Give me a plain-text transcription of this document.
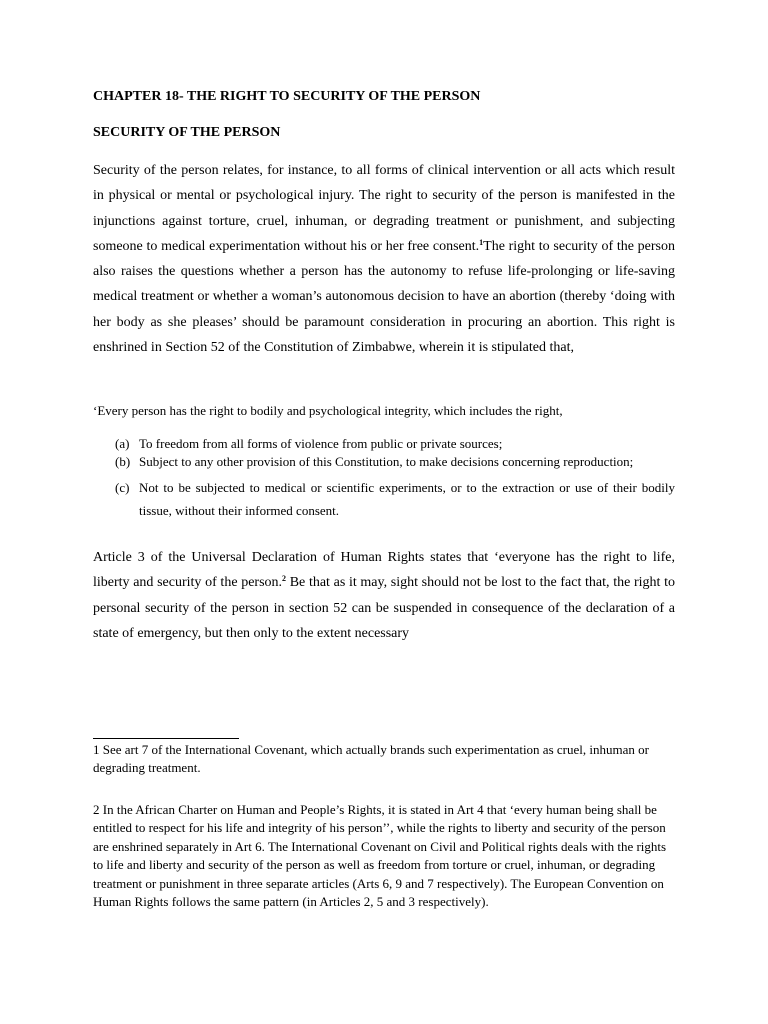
CHAPTER 18- THE RIGHT TO SECURITY OF THE PERSON
SECURITY OF THE PERSON

Security of the person relates, for instance, to all forms of clinical intervention or all acts which result in physical or mental or psychological injury. The right to security of the person is manifested in the injunctions against torture, cruel, inhuman, or degrading treatment or punishment, and subjecting someone to medical experimentation without his or her free consent.$^1$The right to security of the person also raises the questions whether a person has the autonomy to refuse life-prolonging or life-saving medical treatment or whether a woman’s autonomous decision to have an abortion (thereby ‘doing with her body as she pleases’ should be paramount consideration in procuring an abortion. This right is enshrined in Section 52 of the Constitution of Zimbabwe, wherein it is stipulated that,

‘Every person has the right to bodily and psychological integrity, which includes the right,

(a) To freedom from all forms of violence from public or private sources;
(b) Subject to any other provision of this Constitution, to make decisions concerning reproduction;
(c) Not to be subjected to medical or scientific experiments, or to the extraction or use of their bodily tissue, without their informed consent.

Article 3 of the Universal Declaration of Human Rights states that ‘everyone has the right to life, liberty and security of the person.$^2$ Be that as it may, sight should not be lost to the fact that, the right to personal security of the person in section 52 can be suspended in consequence of the declaration of a state of emergency, but then only to the extent necessary

1 See art 7 of the International Covenant, which actually brands such experimentation as cruel, inhuman or degrading treatment.

2 In the African Charter on Human and People’s Rights, it is stated in Art 4 that ‘every human being shall be entitled to respect for his life and integrity of his person’’, while the rights to liberty and security of the person are enshrined separately in Art 6. The International Covenant on Civil and Political rights deals with the rights to life and liberty and security of the person as well as freedom from torture or cruel, inhuman, or degrading treatment or punishment in three separate articles (Arts 6, 9 and 7 respectively). The European Convention on Human Rights follows the same pattern (in Articles 2, 5 and 3 respectively).
